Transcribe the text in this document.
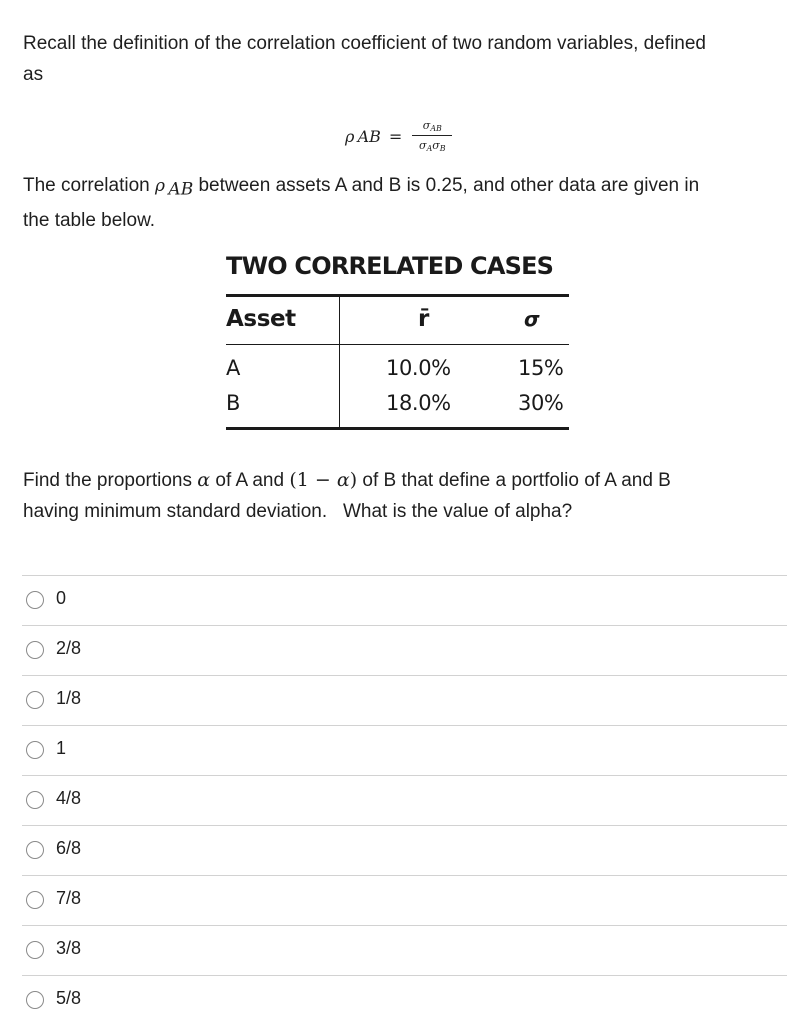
Recall the definition of the correlation coefficient of two random variables, defined
as
ρ  AB = $\frac{\sigma_{AB}}{\sigma_A\sigma_B}$
The correlation ρ  $_{AB}$ between assets A and B is 0.25, and other data are given in
the table below.
TWO CORRELATED CASES
Asset	r̄	σ
A	10.0%	15%
B	18.0%	30%
Find the proportions α of A and (1 − α) of B that define a portfolio of A and B
having minimum standard deviation.   What is the value of alpha?
0
2/8
1/8
1
4/8
6/8
7/8
3/8
5/8
